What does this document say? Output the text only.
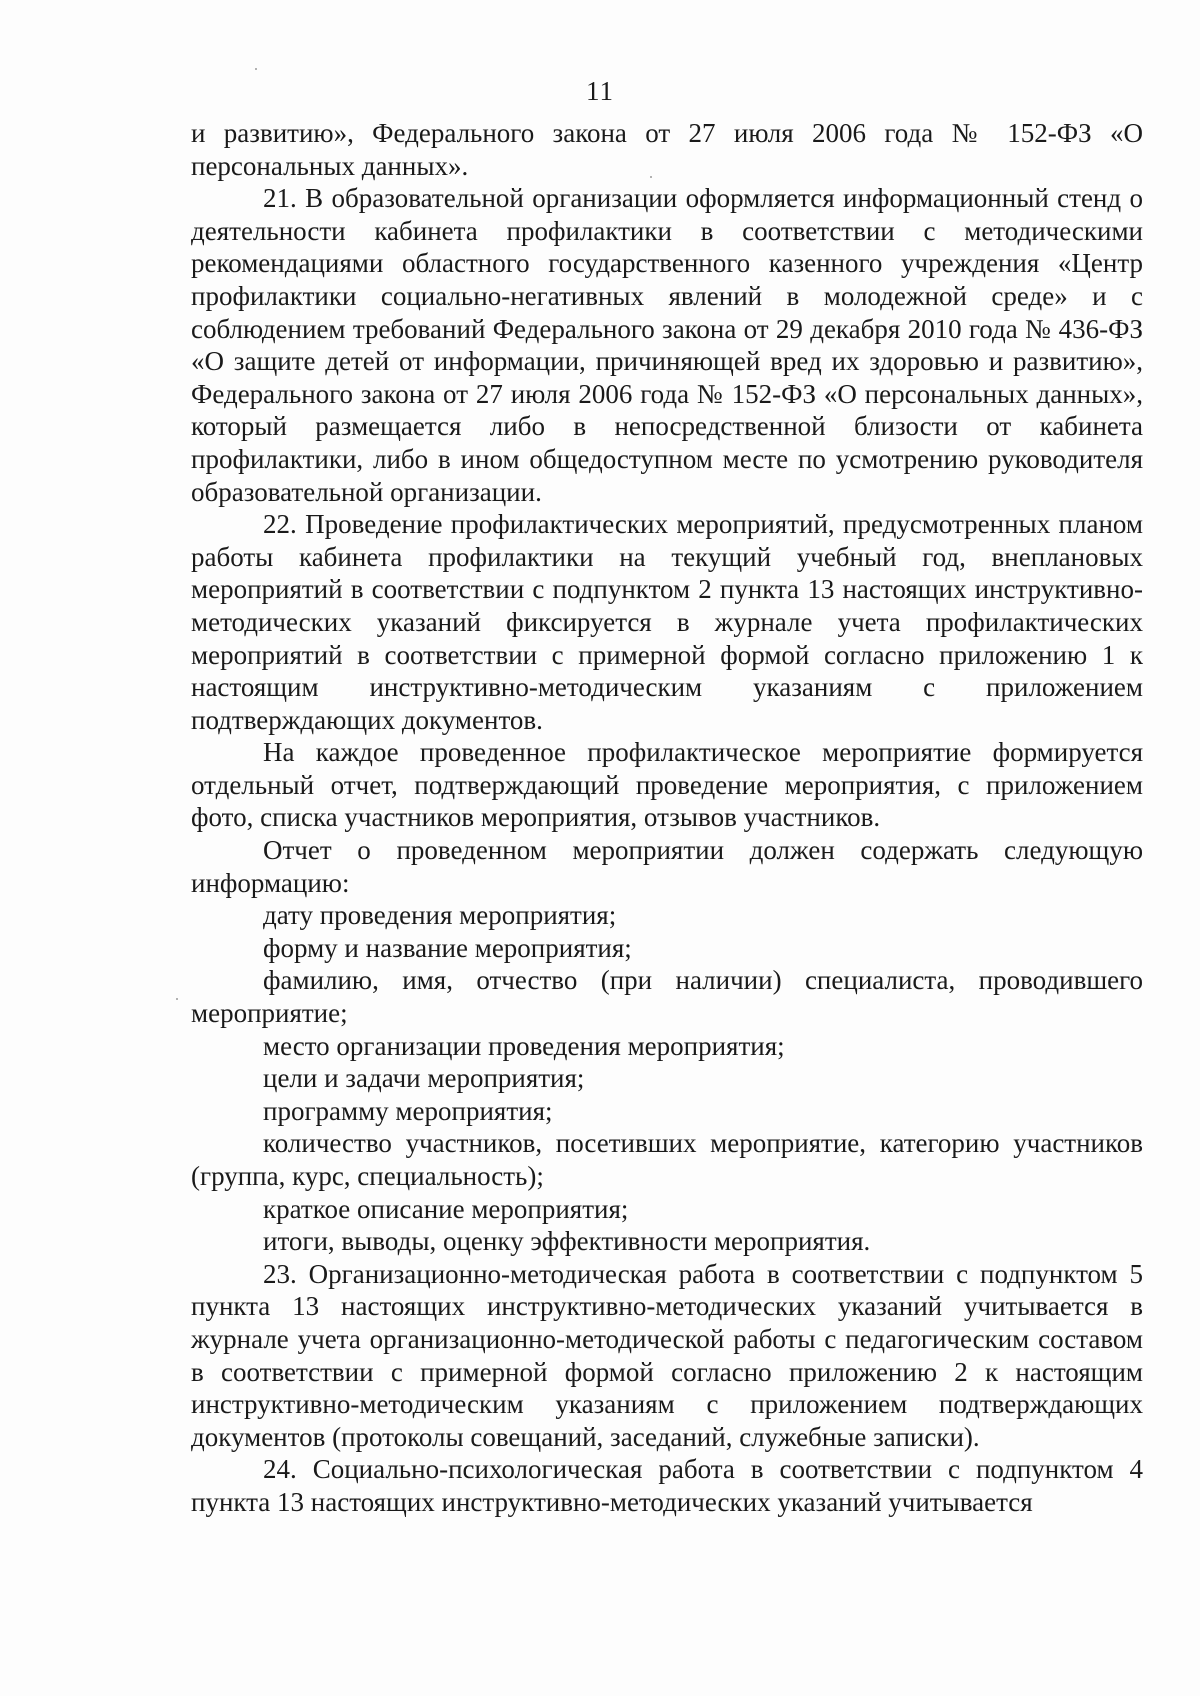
11

и развитию», Федерального закона от 27 июля 2006 года № 152-ФЗ «О персональных данных».

21. В образовательной организации оформляется информационный стенд о деятельности кабинета профилактики в соответствии с методическими рекомендациями областного государственного казенного учреждения «Центр профилактики социально-негативных явлений в молодежной среде» и с соблюдением требований Федерального закона от 29 декабря 2010 года № 436-ФЗ «О защите детей от информации, причиняющей вред их здоровью и развитию», Федерального закона от 27 июля 2006 года № 152-ФЗ «О персональных данных», который размещается либо в непосредственной близости от кабинета профилактики, либо в ином общедоступном месте по усмотрению руководителя образовательной организации.

22. Проведение профилактических мероприятий, предусмотренных планом работы кабинета профилактики на текущий учебный год, внеплановых мероприятий в соответствии с подпунктом 2 пункта 13 настоящих инструктивно-методических указаний фиксируется в журнале учета профилактических мероприятий в соответствии с примерной формой согласно приложению 1 к настоящим инструктивно-методическим указаниям с приложением подтверждающих документов.

На каждое проведенное профилактическое мероприятие формируется отдельный отчет, подтверждающий проведение мероприятия, с приложением фото, списка участников мероприятия, отзывов участников.

Отчет о проведенном мероприятии должен содержать следующую информацию:

дату проведения мероприятия;

форму и название мероприятия;

фамилию, имя, отчество (при наличии) специалиста, проводившего мероприятие;

место организации проведения мероприятия;

цели и задачи мероприятия;

программу мероприятия;

количество участников, посетивших мероприятие, категорию участников (группа, курс, специальность);

краткое описание мероприятия;

итоги, выводы, оценку эффективности мероприятия.

23. Организационно-методическая работа в соответствии с подпунктом 5 пункта 13 настоящих инструктивно-методических указаний учитывается в журнале учета организационно-методической работы с педагогическим составом в соответствии с примерной формой согласно приложению 2 к настоящим инструктивно-методическим указаниям с приложением подтверждающих документов (протоколы совещаний, заседаний, служебные записки).

24. Социально-психологическая работа в соответствии с подпунктом 4 пункта 13 настоящих инструктивно-методических указаний учитывается
